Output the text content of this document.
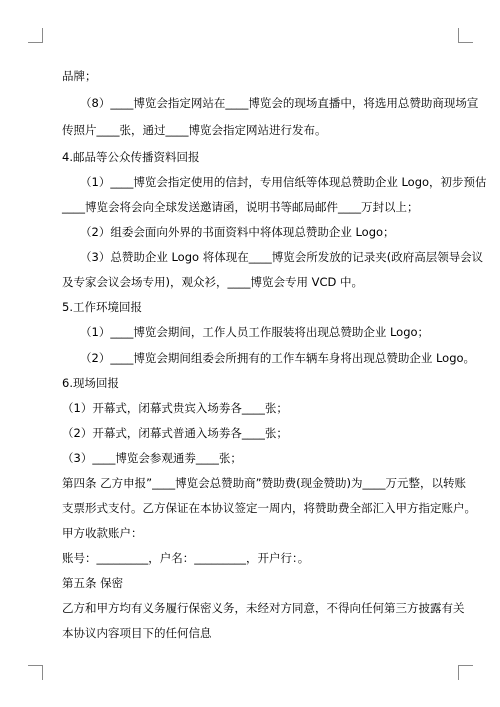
品牌；
（8）____博览会指定网站在____博览会的现场直播中，将选用总赞助商现场宣
传照片____张，通过____博览会指定网站进行发布。
4.邮品等公众传播资料回报
（1）____博览会指定使用的信封，专用信纸等体现总赞助企业 Logo，初步预估
____博览会将会向全球发送邀请函，说明书等邮局邮件____万封以上；
（2）组委会面向外界的书面资料中将体现总赞助企业 Logo；
（3）总赞助企业 Logo 将体现在____博览会所发放的记录夹(政府高层领导会议
及专家会议会场专用)，观众衫，____博览会专用 VCD 中。
5.工作环境回报
（1）____博览会期间，工作人员工作服装将出现总赞助企业 Logo；
（2）____博览会期间组委会所拥有的工作车辆车身将出现总赞助企业 Logo。
6.现场回报
（1）开幕式，闭幕式贵宾入场劵各____张；
（2）开幕式，闭幕式普通入场劵各____张；
（3）____博览会参观通劵____张；
第四条 乙方申报”____博览会总赞助商”赞助费(现金赞助)为____万元整，以转账
支票形式支付。乙方保证在本协议签定一周内，将赞助费全部汇入甲方指定账户。
甲方收款账户：
账号：_________，户名：_________，开户行：。
第五条 保密
乙方和甲方均有义务履行保密义务，未经对方同意，不得向任何第三方披露有关
本协议内容项目下的任何信息
